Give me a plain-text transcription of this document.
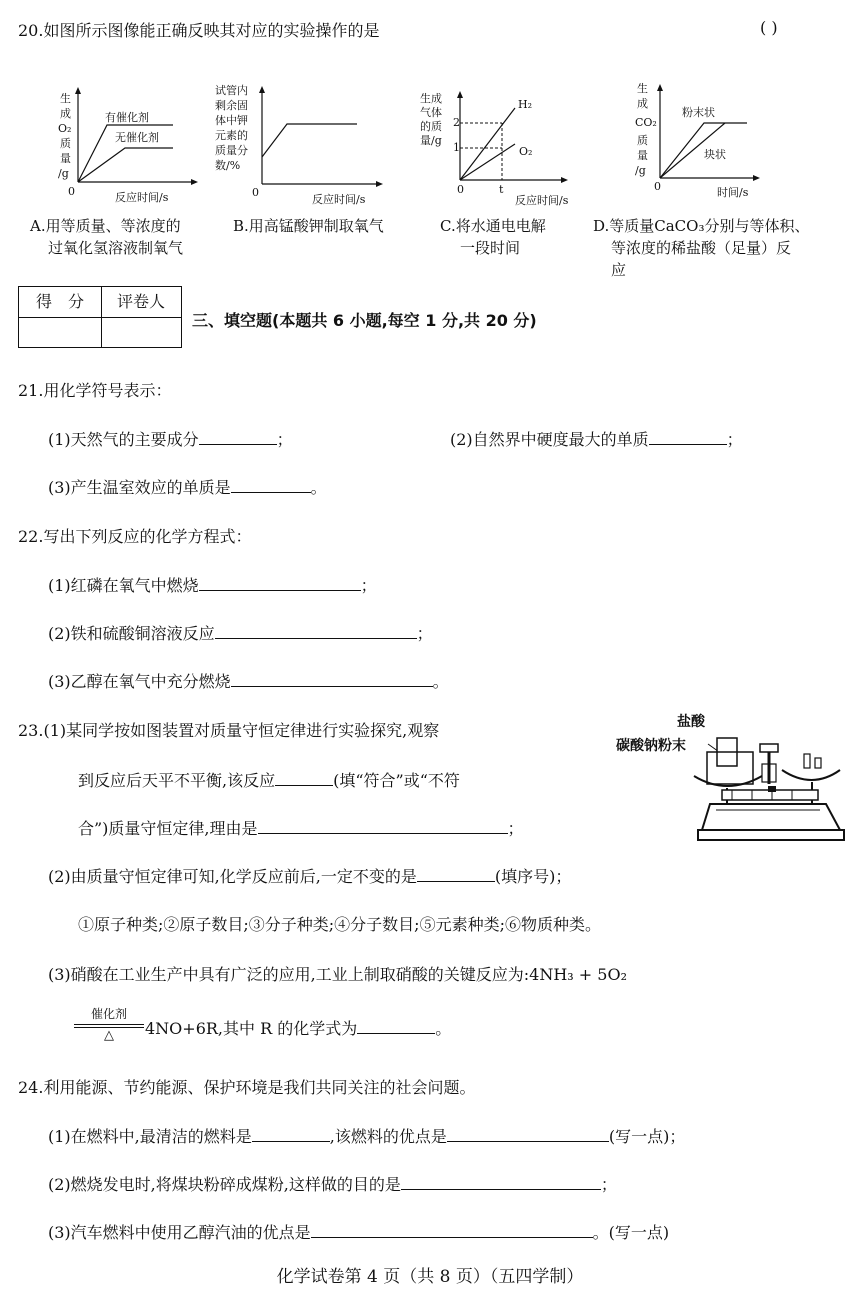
20.如图所示图像能正确反映其对应的实验操作的是	( )
生
成
O₂
质
量
/g
0	反应时间/s
有催化剂
无催化剂
试管内
剩余固
体中钾
元素的
质量分
数/%
0
反应时间/s
生成
气体
的质
量/g
2
1
0	t
反应时间/s
H₂
O₂
生
成
CO₂
质
量
/g
0	时间/s
粉末状
块状
A.用等质量、等浓度的
过氧化氢溶液制氧气
B.用高锰酸钾制取氧气	C.将水通电电解
一段时间
D.等质量CaCO₃分别与等体积、
等浓度的稀盐酸（足量）反
应
得　分	评卷人
三、填空题(本题共 6 小题,每空 1 分,共 20 分)
21.用化学符号表示：
(1)天然气的主要成分	；	(2)自然界中硬度最大的单质	；
(3)产生温室效应的单质是	。
22.写出下列反应的化学方程式：
(1)红磷在氧气中燃烧	；
(2)铁和硫酸铜溶液反应	；
(3)乙醇在氧气中充分燃烧	。
23.(1)某同学按如图装置对质量守恒定律进行实验探究,观察
到反应后天平不平衡,该反应	(填“符合”或“不符
合”)质量守恒定律,理由是	；
盐酸
碳酸钠粉末
(2)由质量守恒定律可知,化学反应前后,一定不变的是	(填序号)；
①原子种类;②原子数目;③分子种类;④分子数目;⑤元素种类;⑥物质种类。
(3)硝酸在工业生产中具有广泛的应用,工业上制取硝酸的关键反应为:4NH₃ + 5O₂
催化剂
△	4NO+6R,其中 R 的化学式为	。
24.利用能源、节约能源、保护环境是我们共同关注的社会问题。
(1)在燃料中,最清洁的燃料是	,该燃料的优点是	(写一点)；
(2)燃烧发电时,将煤块粉碎成煤粉,这样做的目的是	；
(3)汽车燃料中使用乙醇汽油的优点是	。(写一点)
化学试卷第 4 页（共 8 页）（五四学制）
